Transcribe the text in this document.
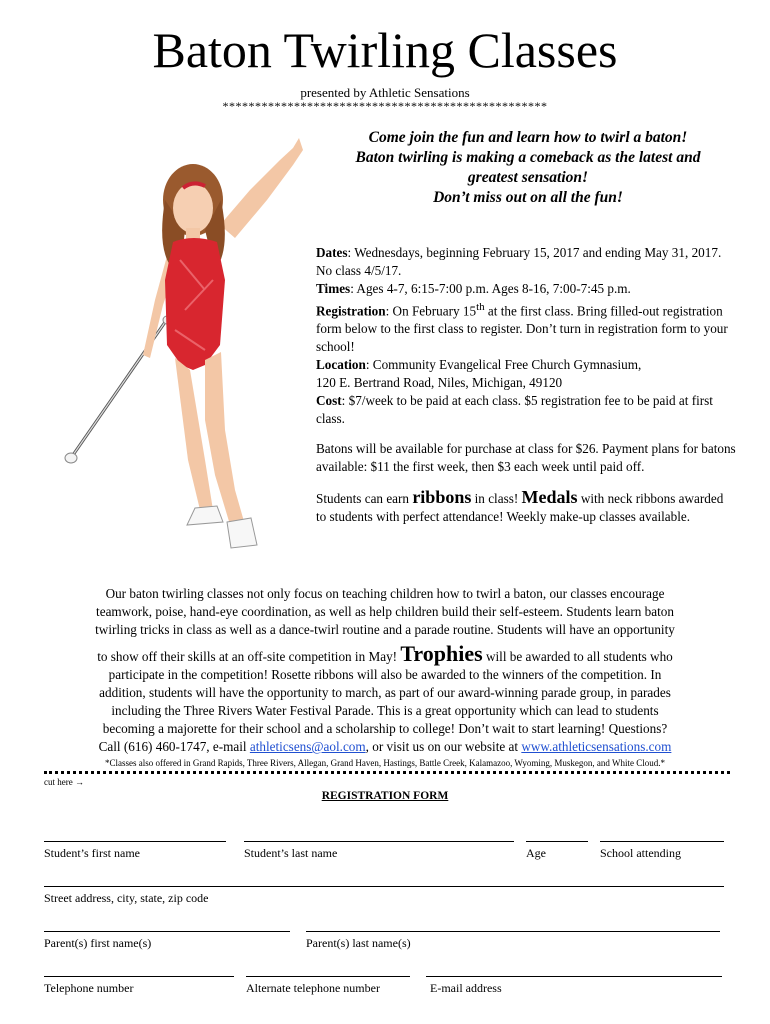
Baton Twirling Classes
presented by Athletic Sensations
**************************************************
Come join the fun and learn how to twirl a baton!
Baton twirling is making a comeback as the latest and
greatest sensation!
Don’t miss out on all the fun!

Dates: Wednesdays, beginning February 15, 2017 and ending May 31, 2017. No class 4/5/17.

Times: Ages 4-7, 6:15-7:00 p.m. Ages 8-16, 7:00-7:45 p.m.

Registration: On February 15th at the first class. Bring filled-out registration form below to the first class to register. Don’t turn in registration form to your school!

Location: Community Evangelical Free Church Gymnasium,
120 E. Bertrand Road, Niles, Michigan, 49120

Cost: $7/week to be paid at each class. $5 registration fee to be paid at first class.

Batons will be available for purchase at class for $26. Payment plans for batons available: $11 the first week, then $3 each week until paid off.

Students can earn ribbons in class! Medals with neck ribbons awarded to students with perfect attendance! Weekly make-up classes available.

Our baton twirling classes not only focus on teaching children how to twirl a baton, our classes encourage

teamwork, poise, hand-eye coordination, as well as help children build their self-esteem. Students learn baton

twirling tricks in class as well as a dance-twirl routine and a parade routine. Students will have an opportunity

to show off their skills at an off-site competition in May! Trophies will be awarded to all students who

participate in the competition! Rosette ribbons will also be awarded to the winners of the competition. In

addition, students will have the opportunity to march, as part of our award-winning parade group, in parades

including the Three Rivers Water Festival Parade. This is a great opportunity which can lead to students

becoming a majorette for their school and a scholarship to college! Don’t wait to start learning! Questions?

Call (616) 460-1747, e-mail athleticsens@aol.com, or visit us on our website at www.athleticsensations.com

*Classes also offered in Grand Rapids, Three Rivers, Allegan, Grand Haven, Hastings, Battle Creek, Kalamazoo, Wyoming, Muskegon, and White Cloud.*
cut here →
REGISTRATION FORM
Student’s first name	Student’s last name	Age	School attending
Street address, city, state, zip code
Parent(s) first name(s)	Parent(s) last name(s)
Telephone number	Alternate telephone number	E-mail address
